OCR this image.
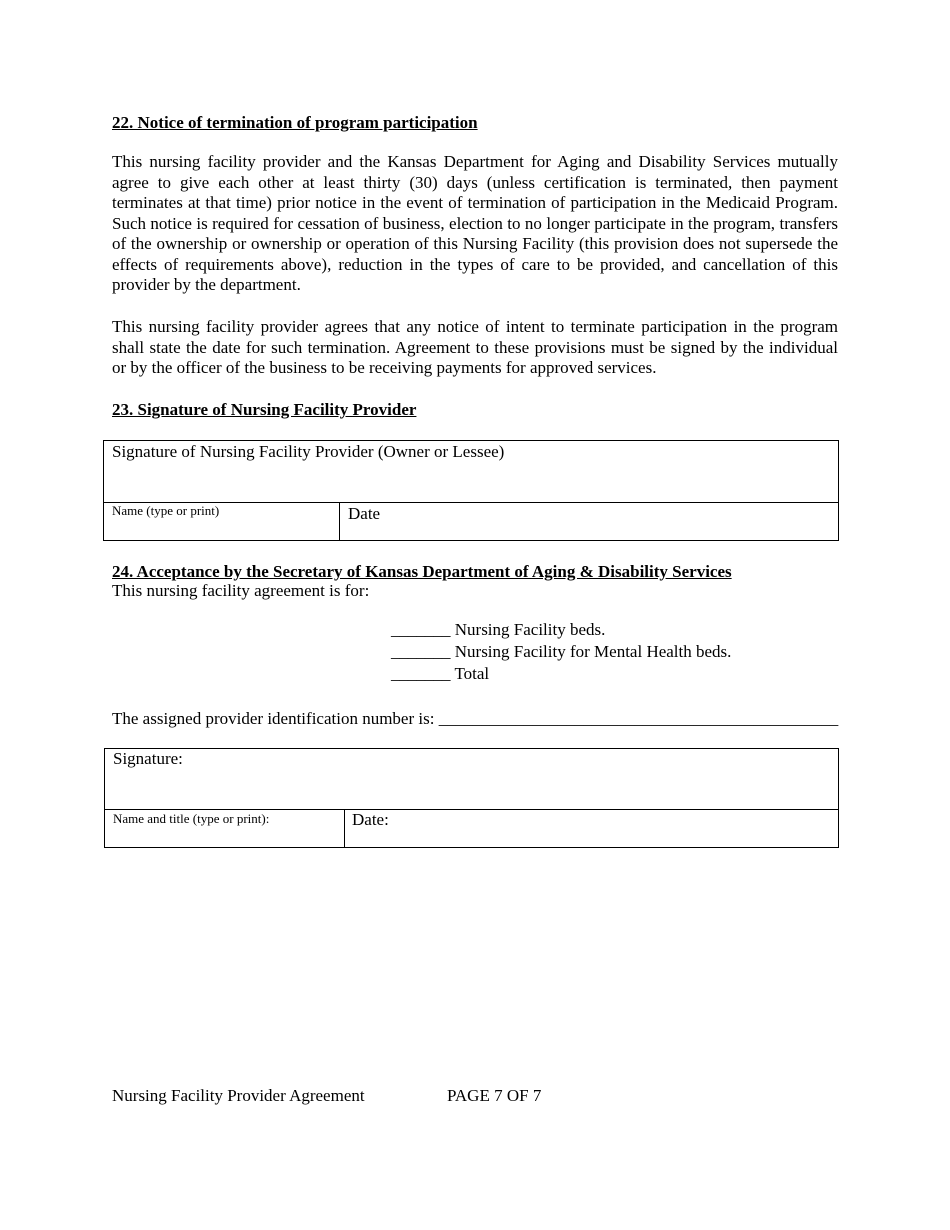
22. Notice of termination of program participation
This nursing facility provider and the Kansas Department for Aging and Disability Services mutually agree to give each other at least thirty (30) days (unless certification is terminated, then payment terminates at that time) prior notice in the event of termination of participation in the Medicaid Program. Such notice is required for cessation of business, election to no longer participate in the program, transfers of the ownership or ownership or operation of this Nursing Facility (this provision does not supersede the effects of requirements above), reduction in the types of care to be provided, and cancellation of this provider by the department.
This nursing facility provider agrees that any notice of intent to terminate participation in the program shall state the date for such termination. Agreement to these provisions must be signed by the individual or by the officer of the business to be receiving payments for approved services.
23. Signature of Nursing Facility Provider
Signature of Nursing Facility Provider (Owner or Lessee)
Name (type or print)	Date
24. Acceptance by the Secretary of Kansas Department of Aging & Disability Services
This nursing facility agreement is for:
_______ Nursing Facility beds.
_______ Nursing Facility for Mental Health beds.
_______ Total
The assigned provider identification number is: _______________________________________________
Signature:
Name and title (type or print):	Date:
Nursing Facility Provider Agreement	PAGE 7 OF 7
